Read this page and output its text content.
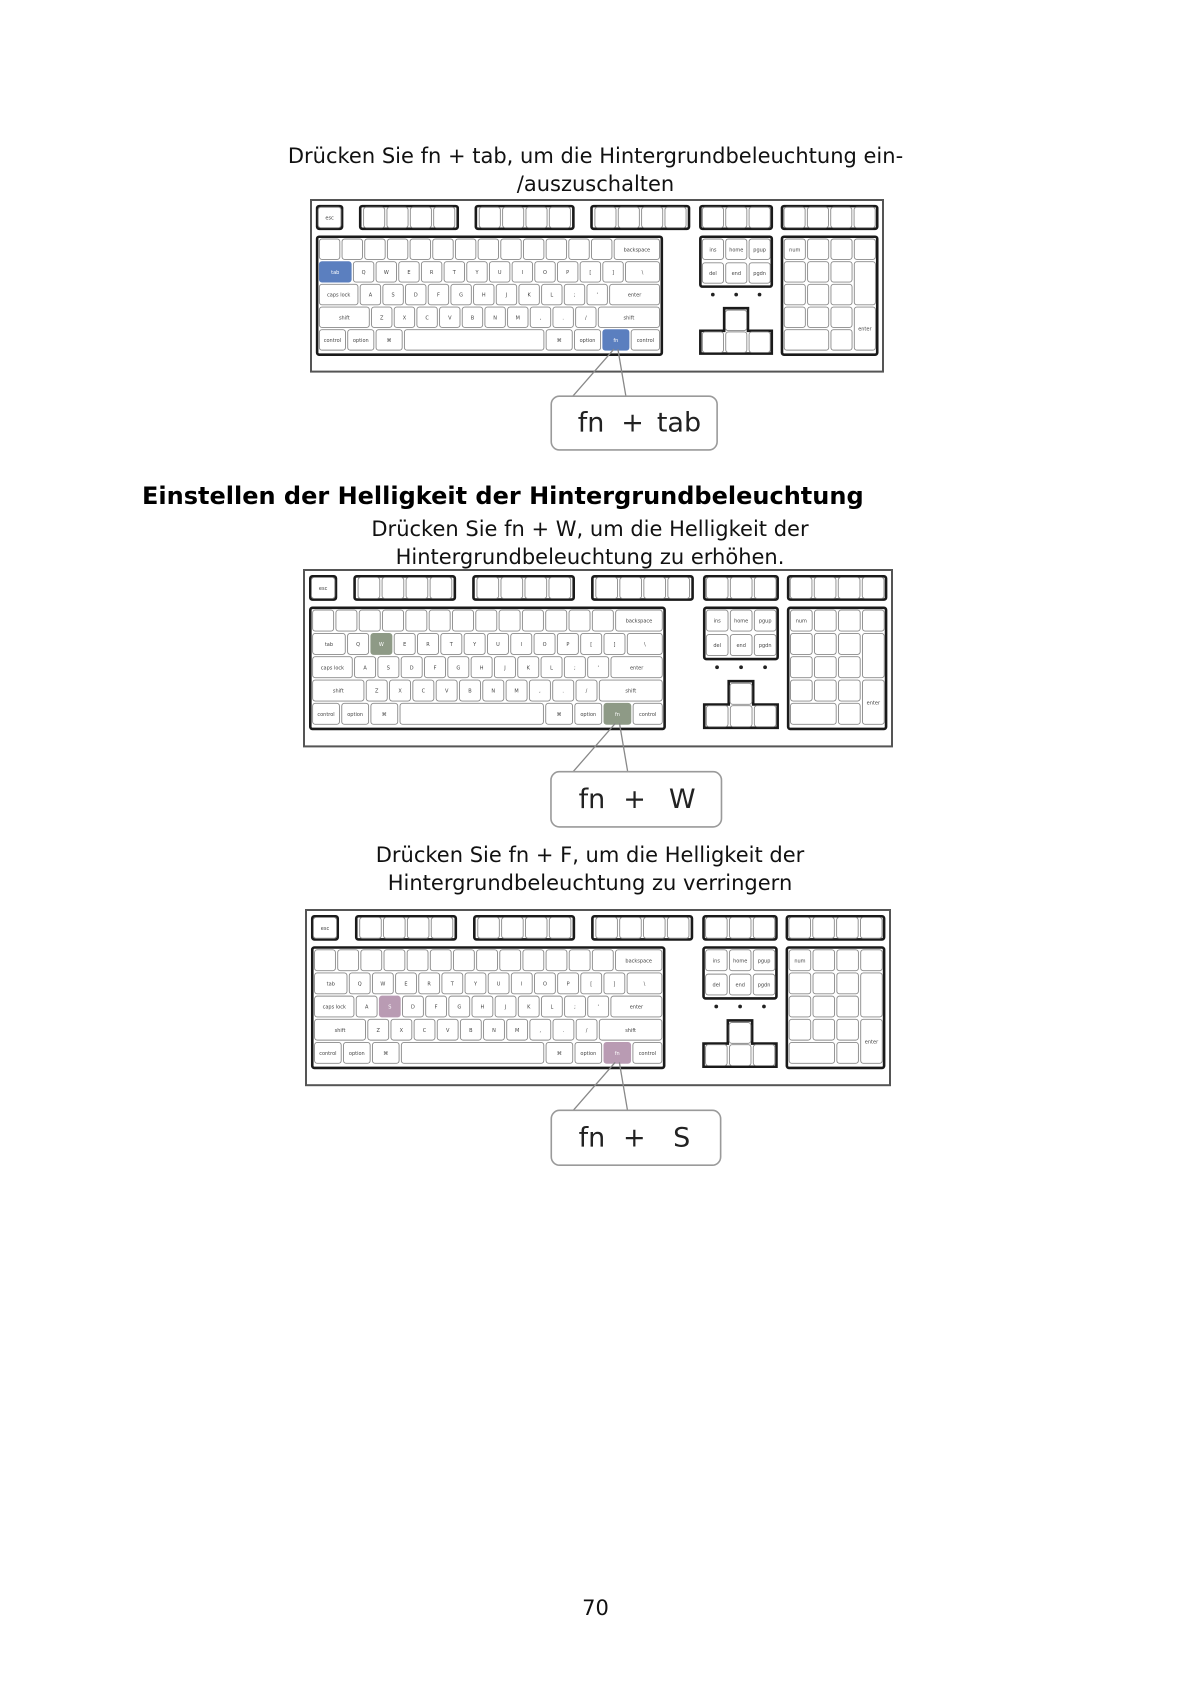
Drücken Sie fn + tab, um die Hintergrundbeleuchtung ein-
/auszuschalten
esc
backspace
tab	Q	W	E	R	T	Y	U	I	O	P	[	]	\
caps lock	A	S	D	F	G	H	J	K	L	;	'	enter
shift	Z	X	C	V	B	N	M	,	.	/	shift
control option	⌘	⌘	option	fn	control
ins	home pgup
del	end pgdn
num
enter
fn + tab
Einstellen der Helligkeit der Hintergrundbeleuchtung
Drücken Sie fn + W, um die Helligkeit der
Hintergrundbeleuchtung zu erhöhen.
esc
backspace
tab	Q	W	E	R	T	Y	U	I	O	P	[	]	\
caps lock	A	S	D	F	G	H	J	K	L	;	'	enter
shift	Z	X	C	V	B	N	M	,	.	/	shift
control	option	⌘	⌘	option	fn	control
ins	home pgup
del	end	pgdn
num
enter
fn + W
Drücken Sie fn + F, um die Helligkeit der
Hintergrundbeleuchtung zu verringern
esc
backspace
tab	Q	W	E	R	T	Y	U	I	O	P	[	]	\
caps lock	A	S	D	F	G	H	J	K	L	;	'	enter
shift	Z	X	C	V	B	N	M	,	.	/	shift
control option	⌘	⌘	option	fn	control
ins	home pgup
del	end	pgdn
num
enter
fn + S
70
